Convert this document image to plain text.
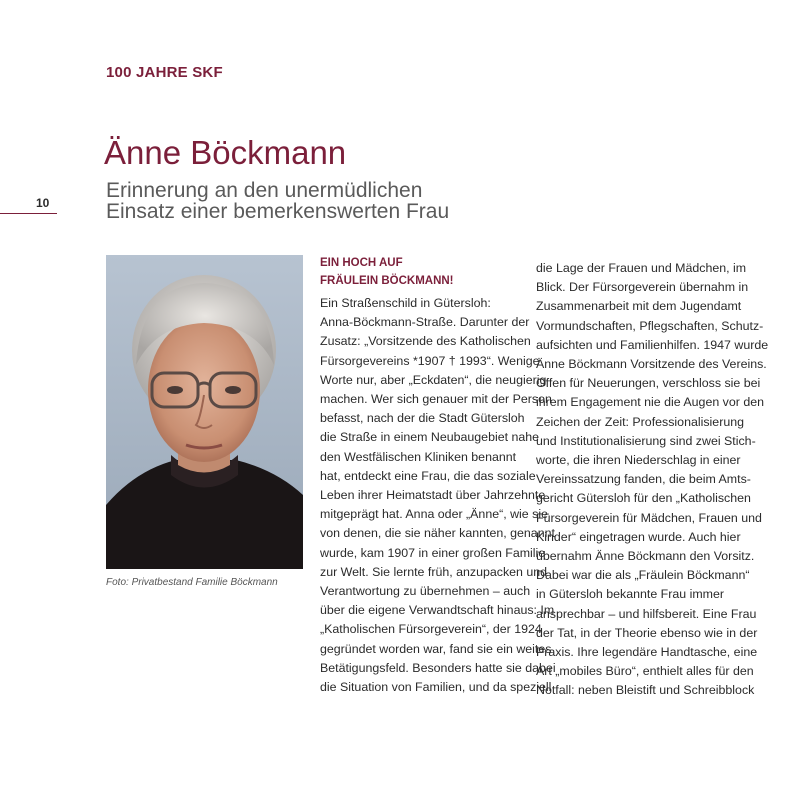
100 JAHRE SKF
10
Änne Böckmann
Erinnerung an den unermüdlichen
Einsatz einer bemerkenswerten Frau
Foto: Privatbestand Familie Böckmann
EIN HOCH AUF
FRÄULEIN BÖCKMANN!
Ein Straßenschild in Gütersloh:
Anna-Böckmann-Straße. Darunter der
Zusatz: „Vorsitzende des Katholischen
Fürsorgevereins *1907 † 1993“. Wenige
Worte nur, aber „Eckdaten“, die neugierig
machen. Wer sich genauer mit der Person
befasst, nach der die Stadt Gütersloh
die Straße in einem Neubaugebiet nahe
den Westfälischen Kliniken benannt
hat, entdeckt eine Frau, die das soziale
Leben ihrer Heimatstadt über Jahrzehnte
mitgeprägt hat. Anna oder „Änne“, wie sie
von denen, die sie näher kannten, genannt
wurde, kam 1907 in einer großen Familie
zur Welt. Sie lernte früh, anzupacken und
Verantwortung zu übernehmen – auch
über die eigene Verwandtschaft hinaus: Im
„Katholischen Fürsorgeverein“, der 1924
gegründet worden war, fand sie ein weites
Betätigungsfeld. Besonders hatte sie dabei
die Situation von Familien, und da speziell
die Lage der Frauen und Mädchen, im
Blick. Der Fürsorgeverein übernahm in
Zusammenarbeit mit dem Jugendamt
Vormundschaften, Pflegschaften, Schutz-
aufsichten und Familienhilfen. 1947 wurde
Änne Böckmann Vorsitzende des Vereins.
Offen für Neuerungen, verschloss sie bei
ihrem Engagement nie die Augen vor den
Zeichen der Zeit: Professionalisierung
und Institutionalisierung sind zwei Stich-
worte, die ihren Niederschlag in einer
Vereinssatzung fanden, die beim Amts-
gericht Gütersloh für den „Katholischen
Fürsorgeverein für Mädchen, Frauen und
Kinder“ eingetragen wurde. Auch hier
übernahm Änne Böckmann den Vorsitz.
Dabei war die als „Fräulein Böckmann“
in Gütersloh bekannte Frau immer
ansprechbar – und hilfsbereit. Eine Frau
der Tat, in der Theorie ebenso wie in der
Praxis. Ihre legendäre Handtasche, eine
Art „mobiles Büro“, enthielt alles für den
Notfall: neben Bleistift und Schreibblock
